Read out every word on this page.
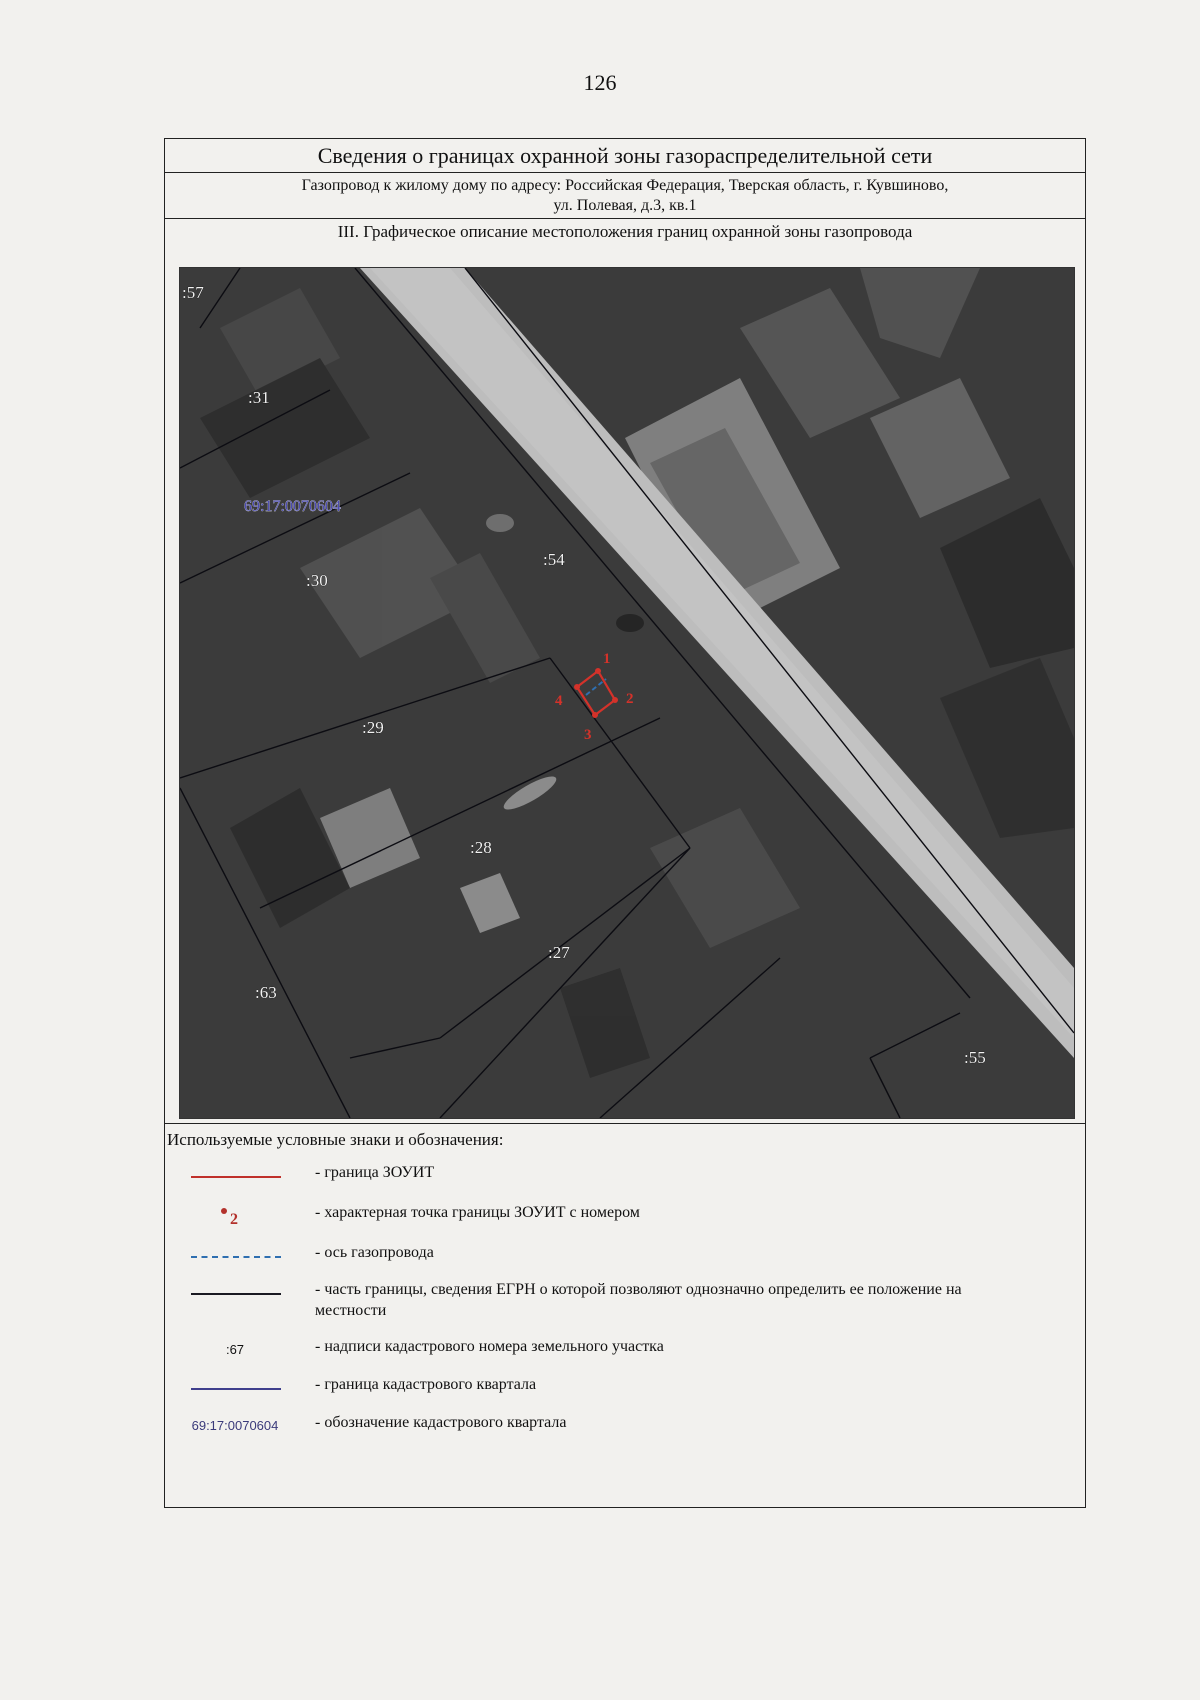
126
Сведения о границах охранной зоны газораспределительной сети
Газопровод к жилому дому по адресу: Российская Федерация, Тверская область, г. Кувшиново,
ул. Полевая, д.3, кв.1
III. Графическое описание местоположения границ охранной зоны газопровода
1
2
3
4
:57
:31
:30
:29
:28
:27
:63
:54
:55
69:17:0070604
Используемые условные знаки и обозначения:
- граница ЗОУИТ
2	- характерная точка границы ЗОУИТ с номером
- ось газопровода
- часть границы, сведения ЕГРН о которой позволяют однозначно определить ее положение на местности
:67	- надписи кадастрового номера земельного участка
- граница кадастрового квартала
69:17:0070604	- обозначение кадастрового квартала
